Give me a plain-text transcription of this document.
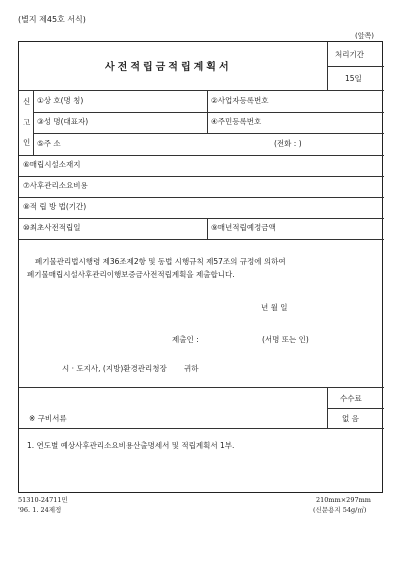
(별지 제45호 서식)
(앞쪽)
사전적립금적립계획서
처리기간
15일
신
고
인
①상 호(명 칭)	②사업자등록번호
③성 명(대표자)	④주민등록번호
⑤주 소	(전화 : )
⑥매립시설소재지
⑦사후관리소요비용
⑧적 립 방 법(기간)
⑩최초사전적립일	⑨매년적립예정금액
폐기물관리법시행령 제36조제2항 및 동법 시행규칙 제57조의 규정에 의하여
폐기물매립시설사후관리이행보증금사전적립계획을 제출합니다.
년 월 일
제출인 :	(서명 또는 인)
시 · 도지사, (지방)환경관리청장 귀하
수수료
없 음
※ 구비서류
1. 연도별 예상사후관리소요비용산출명세서 및 적립계획서 1부.
51310-24711민
'96. 1. 24제정
210mm×297mm
(신문용지 54g/㎡)
